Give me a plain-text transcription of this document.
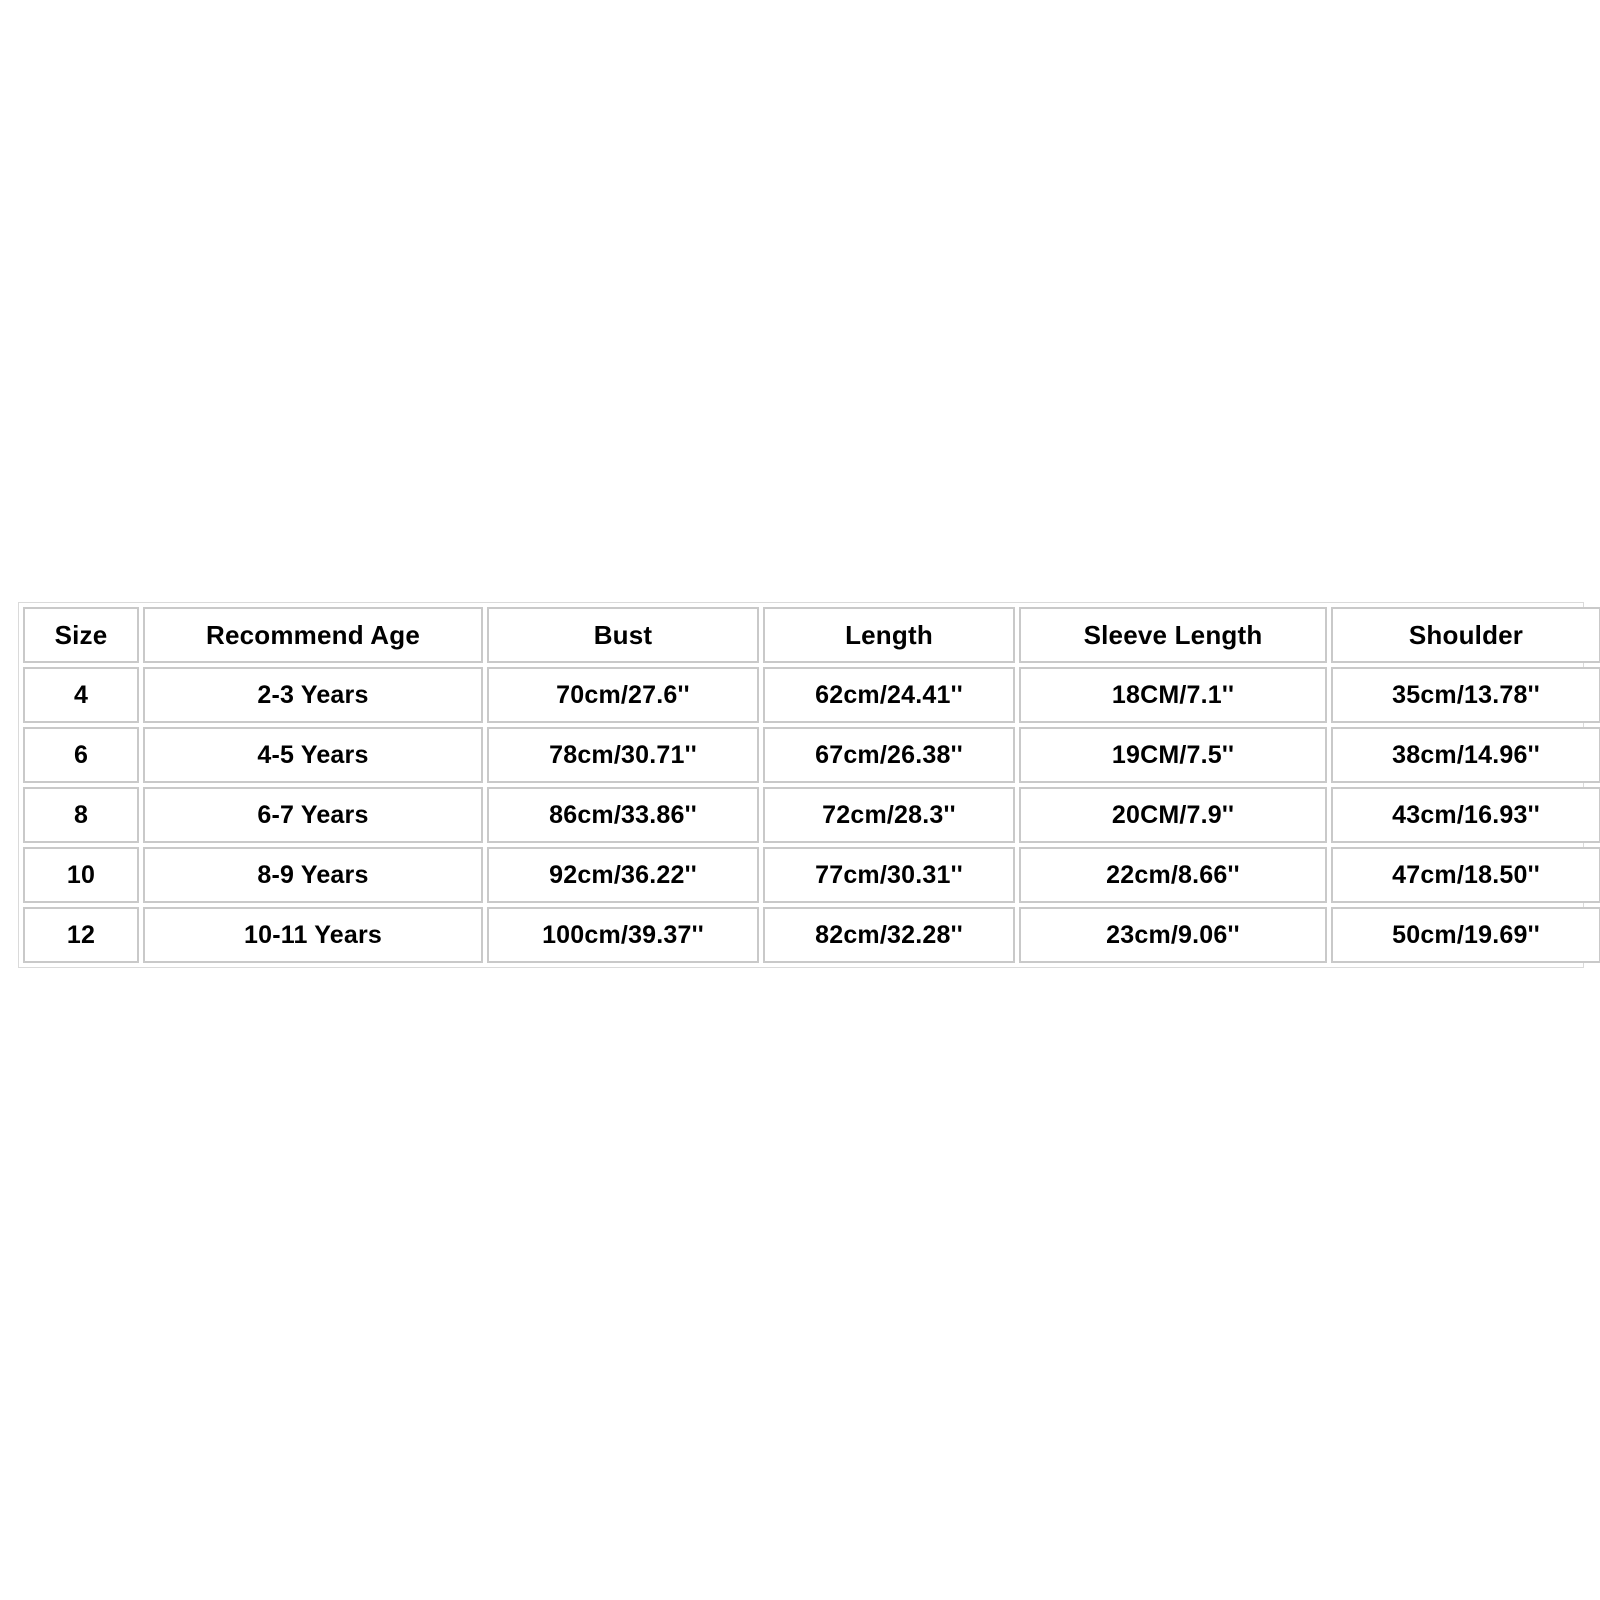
Size	Recommend Age	Bust	Length	Sleeve Length	Shoulder
4	2-3 Years	70cm/27.6''	62cm/24.41''	18CM/7.1''	35cm/13.78''
6	4-5 Years	78cm/30.71''	67cm/26.38''	19CM/7.5''	38cm/14.96''
8	6-7 Years	86cm/33.86''	72cm/28.3''	20CM/7.9''	43cm/16.93''
10	8-9 Years	92cm/36.22''	77cm/30.31''	22cm/8.66''	47cm/18.50''
12	10-11 Years	100cm/39.37''	82cm/32.28''	23cm/9.06''	50cm/19.69''
